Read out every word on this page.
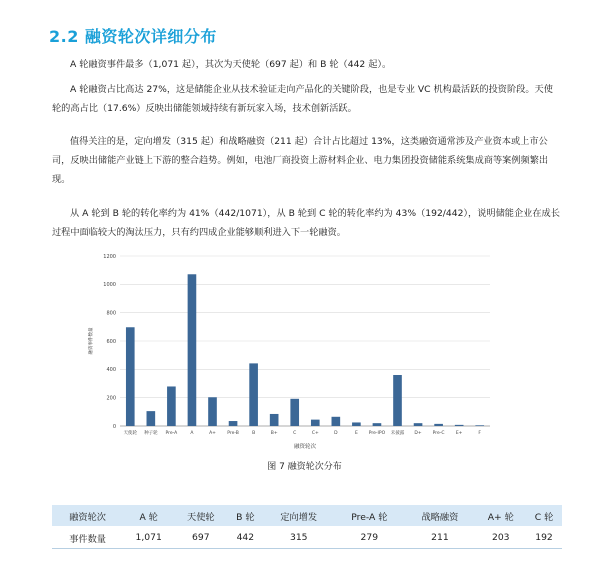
2.2 融资轮次详细分布

A 轮融资事件最多（1,071 起），其次为天使轮（697 起）和 B 轮（442 起）。

A 轮融资占比高达 27%，这是储能企业从技术验证走向产品化的关键阶段，也是专业 VC 机构最活跃的投资阶段。天使轮的高占比（17.6%）反映出储能领域持续有新玩家入场，技术创新活跃。

值得关注的是，定向增发（315 起）和战略融资（211 起）合计占比超过 13%，这类融资通常涉及产业资本或上市公司，反映出储能产业链上下游的整合趋势。例如，电池厂商投资上游材料企业、电力集团投资储能系统集成商等案例频繁出现。

从 A 轮到 B 轮的转化率约为 41%（442/1071），从 B 轮到 C 轮的转化率约为 43%（192/442），说明储能企业在成长过程中面临较大的淘汰压力，只有约四成企业能够顺利进入下一轮融资。

0
200
400
600
800
1000
1200
融资事件数量
天使轮 种子轮 Pre-A	A	A+	Pre-B	B	B+	C	C+	D	E Pre-IPO 未披露 D+ Pre-C	E+	F
融资轮次
图 7 融资轮次分布
融资轮次	A 轮	天使轮	B 轮	定向增发	Pre-A 轮	战略融资	A+ 轮	C 轮
事件数量	1,071	697	442	315	279	211	203	192
